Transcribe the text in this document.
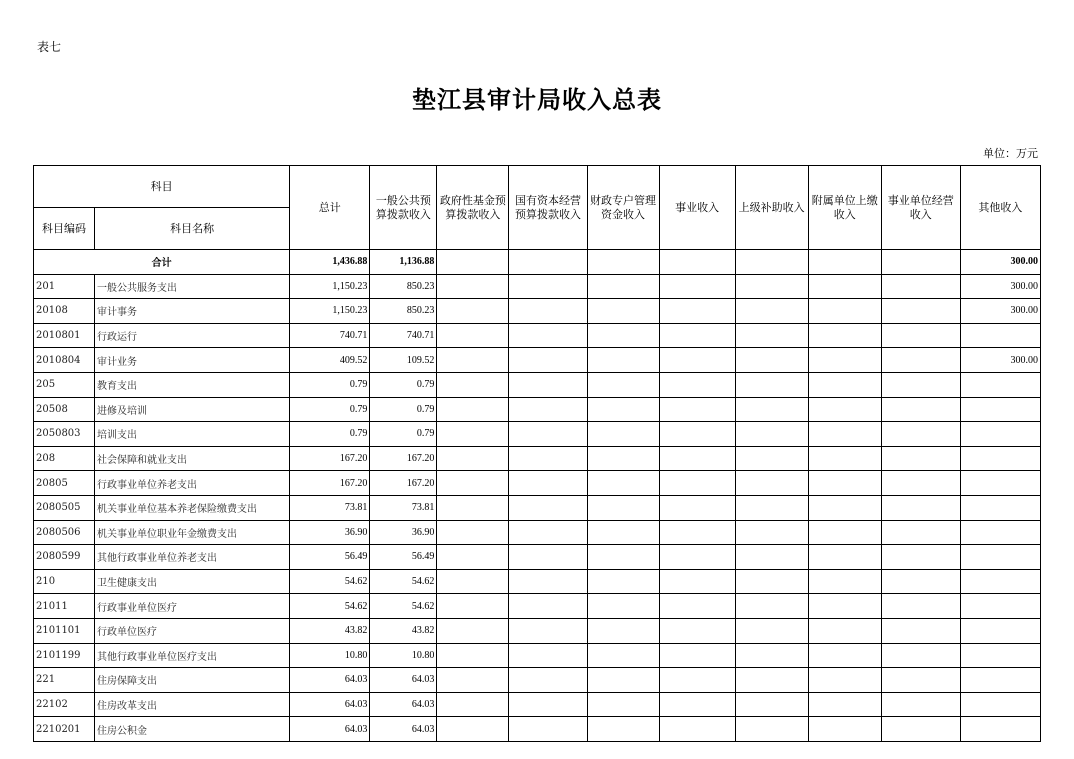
表七
垫江县审计局收入总表
单位：万元
科目		总计	一般公共预算拨款收入	政府性基金预算拨款收入	国有资本经营预算拨款收入	财政专户管理资金收入	事业收入	上级补助收入	附属单位上缴收入	事业单位经营收入	其他收入
科目编码	科目名称										
合计		1,436.88	1,136.88								300.00
201	一般公共服务支出	1,150.23	850.23								300.00
20108	审计事务	1,150.23	850.23								300.00
2010801	行政运行	740.71	740.71								
2010804	审计业务	409.52	109.52								300.00
205	教育支出	0.79	0.79								
20508	进修及培训	0.79	0.79								
2050803	培训支出	0.79	0.79								
208	社会保障和就业支出	167.20	167.20								
20805	行政事业单位养老支出	167.20	167.20								
2080505	机关事业单位基本养老保险缴费支出	73.81	73.81								
2080506	机关事业单位职业年金缴费支出	36.90	36.90								
2080599	其他行政事业单位养老支出	56.49	56.49								
210	卫生健康支出	54.62	54.62								
21011	行政事业单位医疗	54.62	54.62								
2101101	行政单位医疗	43.82	43.82								
2101199	其他行政事业单位医疗支出	10.80	10.80								
221	住房保障支出	64.03	64.03								
22102	住房改革支出	64.03	64.03								
2210201	住房公积金	64.03	64.03								
